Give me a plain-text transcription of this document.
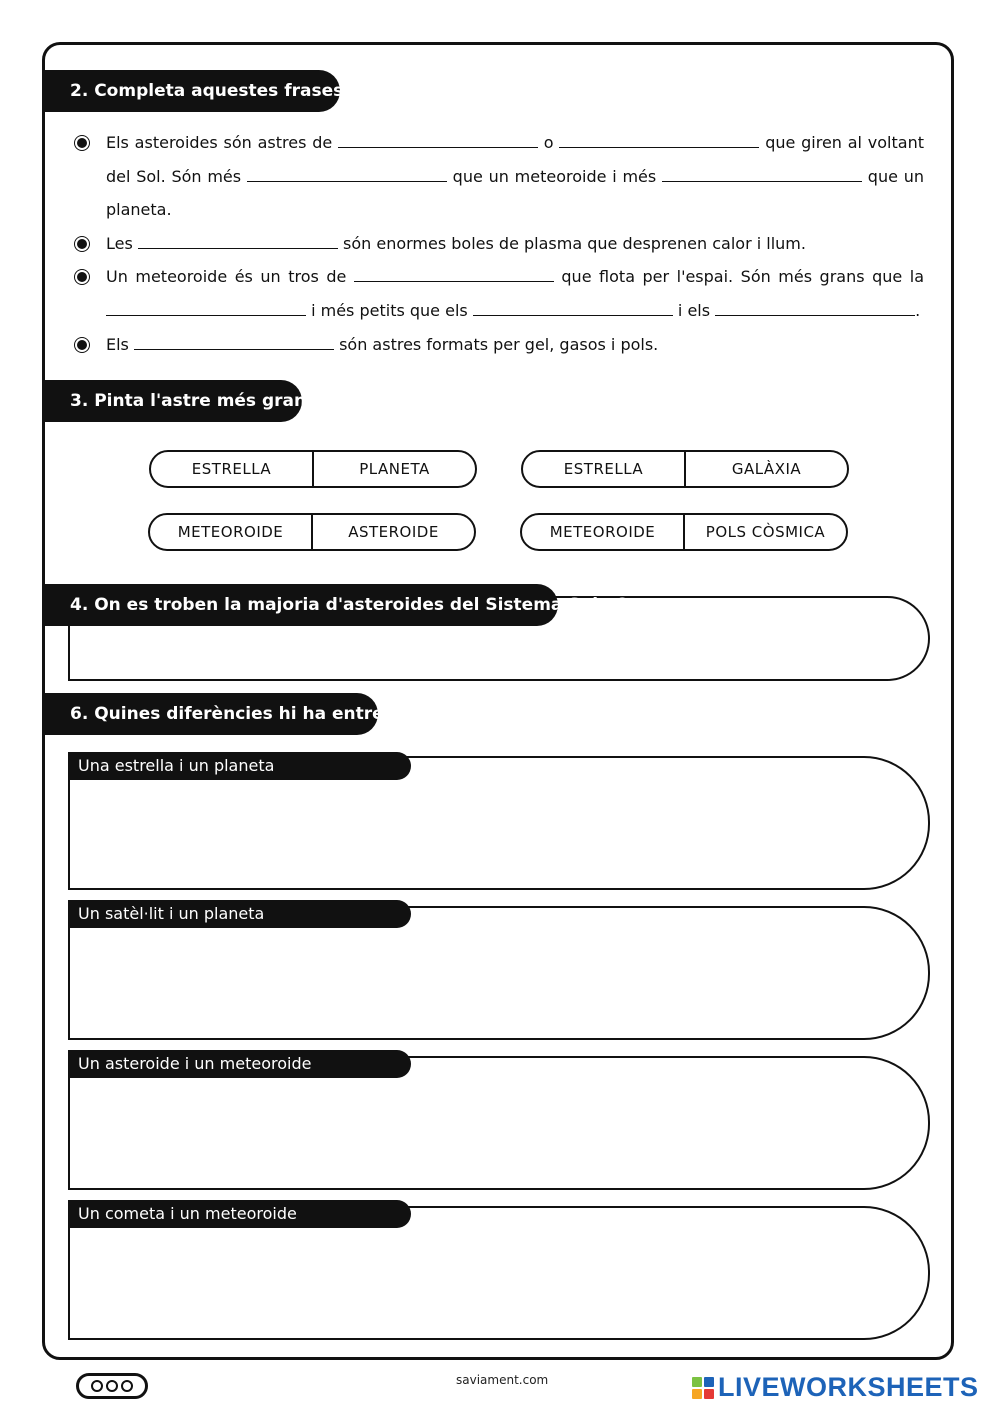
2. Completa aquestes frases:
Els asteroides són astres de	o	que giren al voltant del Sol. Són més	que un meteoroide i més	que un planeta.
Les	són enormes boles de plasma que desprenen calor i llum.
Un meteoroide és un tros de	que flota per l'espai. Són més grans que la  i més petits que els	i els	.
Els	són astres formats per gel, gasos i pols.
3. Pinta l'astre més gran:
ESTRELLA	PLANETA	ESTRELLA	GALÀXIA
METEOROIDE	ASTEROIDE	METEOROIDE	POLS CÒSMICA
4. On es troben la majoria d'asteroides del Sistema Solar?
6. Quines diferències hi ha entre...
Una estrella i un planeta
Un satèl·lit i un planeta
Un asteroide i un meteoroide
Un cometa i un meteoroide
saviament.com	LIVEWORKSHEETS
